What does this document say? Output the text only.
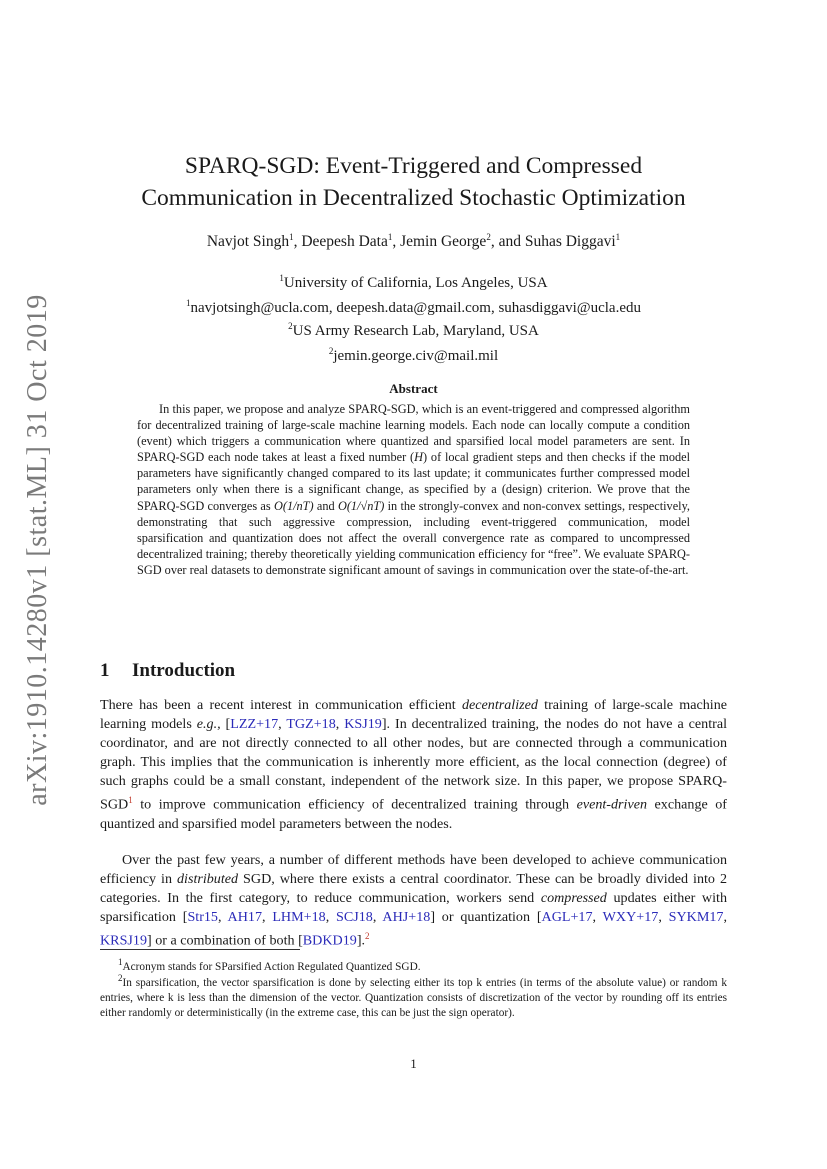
arXiv:1910.14280v1 [stat.ML] 31 Oct 2019
SPARQ-SGD: Event-Triggered and Compressed
Communication in Decentralized Stochastic Optimization
Navjot Singh$^1$, Deepesh Data$^1$, Jemin George$^2$, and Suhas Diggavi$^1$
$^1$University of California, Los Angeles, USA
$^1$navjotsingh@ucla.com, deepesh.data@gmail.com, suhasdiggavi@ucla.edu
$^2$US Army Research Lab, Maryland, USA
$^2$jemin.george.civ@mail.mil
Abstract
In this paper, we propose and analyze SPARQ-SGD, which is an event-triggered and compressed algorithm for decentralized training of large-scale machine learning models. Each node can locally compute a condition (event) which triggers a communication where quantized and sparsified local model parameters are sent. In SPARQ-SGD each node takes at least a fixed number (H) of local gradient steps and then checks if the model parameters have significantly changed compared to its last update; it communicates further compressed model parameters only when there is a significant change, as specified by a (design) criterion. We prove that the SPARQ-SGD converges as O(1/nT) and O(1/√nT) in the strongly-convex and non-convex settings, respectively, demonstrating that such aggressive compression, including event-triggered communication, model sparsification and quantization does not affect the overall convergence rate as compared to uncompressed decentralized training; thereby theoretically yielding communication efficiency for “free”. We evaluate SPARQ-SGD over real datasets to demonstrate significant amount of savings in communication over the state-of-the-art.
1 Introduction
There has been a recent interest in communication efficient decentralized training of large-scale machine learning models e.g., [LZZ+17, TGZ+18, KSJ19]. In decentralized training, the nodes do not have a central coordinator, and are not directly connected to all other nodes, but are connected through a communication graph. This implies that the communication is inherently more efficient, as the local connection (degree) of such graphs could be a small constant, independent of the network size. In this paper, we propose SPARQ-SGD$^1$ to improve communication efficiency of decentralized training through event-driven exchange of quantized and sparsified model parameters between the nodes.
Over the past few years, a number of different methods have been developed to achieve communication efficiency in distributed SGD, where there exists a central coordinator. These can be broadly divided into 2 categories. In the first category, to reduce communication, workers send compressed updates either with sparsification [Str15, AH17, LHM+18, SCJ18, AHJ+18] or quantization [AGL+17, WXY+17, SYKM17, KRSJ19] or a combination of both [BDKD19].$^2$
$^1$Acronym stands for SParsified Action Regulated Quantized SGD.
$^2$In sparsification, the vector sparsification is done by selecting either its top k entries (in terms of the absolute value) or random k entries, where k is less than the dimension of the vector. Quantization consists of discretization of the vector by rounding off its entries either randomly or deterministically (in the extreme case, this can be just the sign operator).
1
